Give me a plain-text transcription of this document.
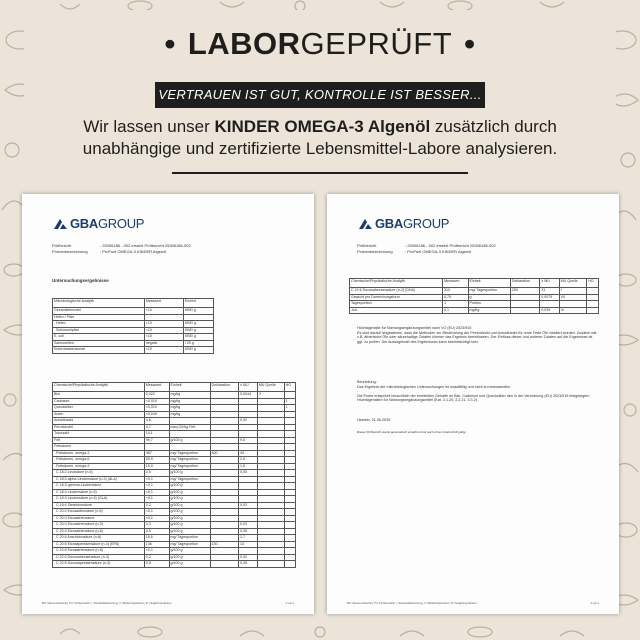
• LABORGEPRÜFT •
VERTRAUEN IST GUT, KONTROLLE IST BESSER...
Wir lassen unser KINDER OMEGA-3 Algenöl zusätzlich durch unabhängige und zertifizierte Lebensmittel-Labore analysieren.
GBAGROUP
Prüfbericht	: 25306186 - 002 ersetzt Prüfbericht 25306186-002
Probenbezeichnung	: ProFuel OMEGA-3 KINDER Algenöl
Untersuchungsergebnisse
Mikrobiologische Analytik	Messwert	Einheit
Gesamtkeimzahl	<10	KBE/ g
Hefen / Pilze		
Hefen	<10	KBE/ g
Schimmelpilze	<10	KBE/ g
E. coli	<10	KBE/ g
Salmonellen	negativ	/ 25 g
Enterobacteriaceae	<10	KBE/ g
Chemische/Physikalische Analytik	Messwert	Einheit	Deklaration	± MU	MU Quelle	HG
Blei	0,022	mg/kg		0,0044	3	
Cadmium	<0,010	mg/kg				1
Quecksilber	<0,010	mg/kg				1
Arsen	<0,040	mg/kg				
Anisidinzahl	4,6			0,92		
Peroxidzahl	4,7	meq O2/kg Fett				
Totoxzahl	14,1					
Fett	99,7	g/100 g		9,6		
Fettsäuren						
Fettsäuren, omega-3	487	mg/ Tagesportion	400	49		
Fettsäuren, omega-6	25,9	mg/ Tagesportion		2,6		
Fettsäuren, omega-9	15,9	mg/ Tagesportion		1,6		
C 18:2 Linolsäure (n-6)	0,5	g/100 g		0,05		
C 18:3 alpha-Linolensäure (n-3) (ALA)	<0,1	mg/ Tagesportion				
C 18:3 gamma-Linolensäure	<0,1	g/100 g				
C 18:3 Linolensäure (n-6)	<0,1	g/100 g				
C 18:3 Linolensäure (n-6) (GLA)	<0,1	g/100 g				
C 18:4 Stearidonsäure	0,2	g/100 g		0,02		
C 20:2 Eicosadiensäure (n-6)	<0,1	g/100 g				
C 20:3 Eicosatriensäure	<0,1	g/100 g				
C 20:3 Eicosatriensäure (n-3)	0,3	g/100 g		0,03		
C 20:3 Eicosatriensäure (n-6)	0,5	g/100 g		0,05		
C 20:4 Arachidonsäure (n-6)	16,6	mg/ Tagesportion		1,7		
C 20:5 Eicosapentaensäure (n-3) (EPA)	136	mg/ Tagesportion	130	14		
C 22:5 Eicosatriensäure (n-6)	<0,1	g/100 g				
C 22:0 Docosahexaensäure (n-3)	0,2	g/100 g		0,02		
C 22:5 Docosapentaensäure (n-3)	3,5	g/100 g		0,35		
MU: Messunsicherheit, TN: Tochterinstitut, I: Standardabweichung, II: Wiederholpräzision, III: Vergleichspräzision	2 von 4
GBAGROUP
Prüfbericht	: 25306186 - 002 ersetzt Prüfbericht 25306186-002
Probenbezeichnung	: ProFuel OMEGA-3 KINDER Algenöl
Chemische/Physikalische Analytik	Messwert	Einheit	Deklaration	± MU	MU Quelle	HG
C 22:6 Docosahexaensäure (n-3) (DHA)	310	mg/ Tagesportion	250	31	I	
Gewicht pro Darreichungsform	0,75	g		0,0075	VII	
Tagesportion	1	Portion				
Jod	0,1	mg/kg		0,025	IV	
Höchstgehalte für Nahrungsergänzungsmittel nach VO (EU) 2023/915
Es wird darauf hingewiesen, dass die Methoden zur Bestimmung der Peroxidzahl und Anisidinzahl für reine Fette Öle validiert wurden. Zusätze wie z.B. ätherische Öle oder säurehaltige Zutaten können das Ergebnis beeinflussen. Der Einfluss dieser und anderer Zutaten auf die Ergebnisse ist ggf. zu prüfen. Die Aussagekraft des Ergebnisses kann beeinträchtigt sein.
Beurteilung:
Das Ergebnis der mikrobiologischen Untersuchungen ist unauffällig und nicht zu beanstanden.

Die Probe entspricht hinsichtlich der ermittelten Gehalte an Blei, Cadmium und Quecksilber den in der Verordnung (EU) 2023/915 festgelegten Höchstgehalten für Nahrungsergänzungsmittel (Kat. 3.1.20, 3.2.21, 3.3.2).
Hameln, 21.05.2025
Dieser Prüfbericht wurde automatisch erstellt und ist auch ohne Unterschrift gültig.
MU: Messunsicherheit, TN: Tochterinstitut, I: Standardabweichung, II: Wiederholpräzision, III: Vergleichspräzision	3 von 4
